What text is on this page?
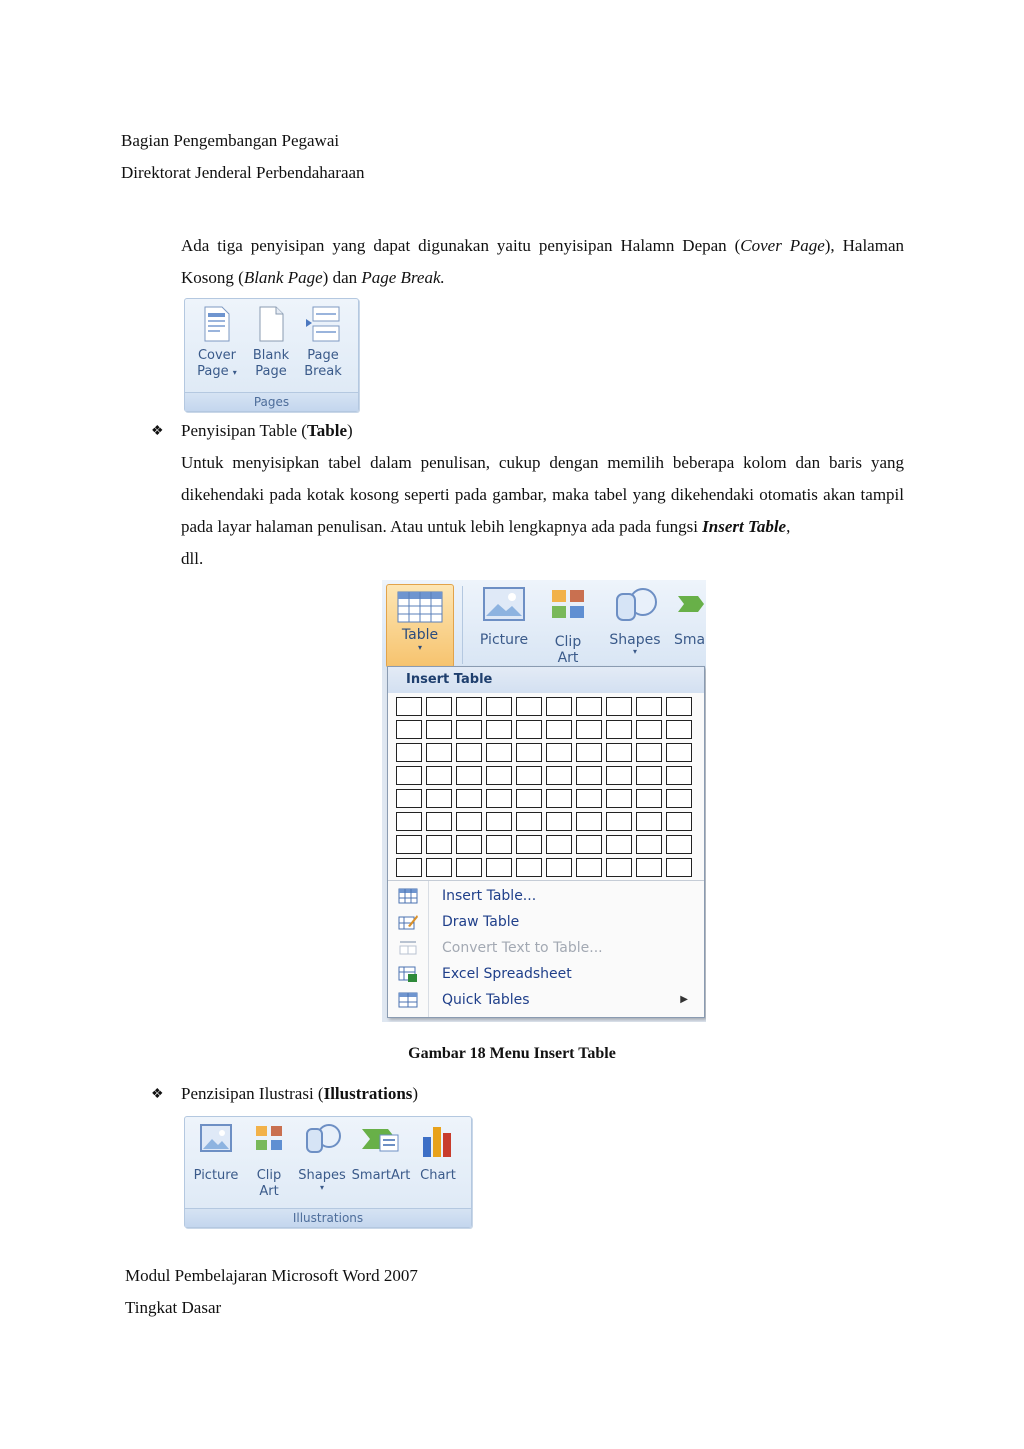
Bagian Pengembangan Pegawai
Direktorat Jenderal Perbendaharaan
Ada tiga penyisipan yang dapat digunakan yaitu penyisipan Halamn Depan (Cover Page), Halaman Kosong (Blank Page) dan Page Break.
Cover
Page ▾
Blank
Page
Page
Break
Pages
❖ Penyisipan Table (Table)
Untuk menyisipkan tabel dalam penulisan, cukup dengan memilih beberapa kolom dan baris yang dikehendaki pada kotak kosong seperti pada gambar, maka tabel yang dikehendaki otomatis akan tampil pada layar halaman penulisan. Atau untuk lebih lengkapnya ada pada fungsi Insert Table,
dll.
Table
▾	Picture	Clip
Art
Shapes
▾
Sma
Insert Table
Insert Table...
Draw Table
Convert Text to Table...
Excel Spreadsheet
Quick Tables	▶
Gambar 18 Menu Insert Table
❖ Penzisipan Ilustrasi (Illustrations)
Picture	Clip
Art
Shapes
▾
SmartArt Chart
Illustrations
Modul Pembelajaran Microsoft Word 2007
Tingkat Dasar
